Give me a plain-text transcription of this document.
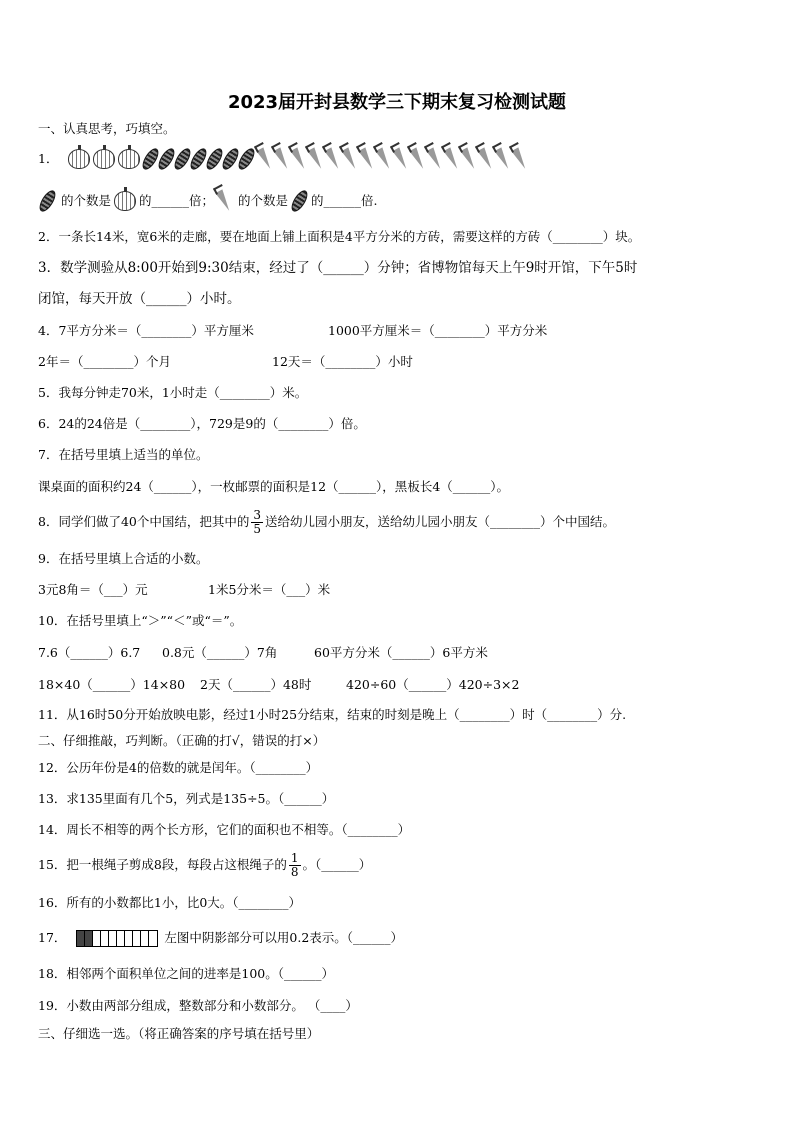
2023届开封县数学三下期末复习检测试题
一、认真思考，巧填空。
1．
的个数是 的______倍； 的个数是 的______倍.
2．一条长14米，宽6米的走廊，要在地面上铺上面积是4平方分米的方砖，需要这样的方砖（________）块。
3．数学测验从8:00开始到9:30结束，经过了（______）分钟；省博物馆每天上午9时开馆，下午5时
闭馆，每天开放（______）小时。
4．7平方分米＝（________）平方厘米	1000平方厘米＝（________）平方分米
2年＝（________）个月	12天＝（________）小时
5．我每分钟走70米，1小时走（________）米。
6．24的24倍是（________），729是9的（________）倍。
7．在括号里填上适当的单位。
课桌面的面积约24（______），一枚邮票的面积是12（______），黑板长4（______）。
8．同学们做了40个中国结，把其中的 $\frac{3}{5}$ 送给幼儿园小朋友，送给幼儿园小朋友（________）个中国结。
9．在括号里填上合适的小数。
3元8角＝（___）元	1米5分米＝（___）米
10．在括号里填上“＞”“＜”或“＝”。
7.6（______）6.7 0.8元（______）7角	60平方分米（______）6平方米
18×40（______）14×80 2天（______）48时	420÷60（______）420÷3×2
11．从16时50分开始放映电影，经过1小时25分结束，结束的时刻是晚上（________）时（________）分.
二、仔细推敲，巧判断。（正确的打√，错误的打×）
12．公历年份是4的倍数的就是闰年。（________）
13．求135里面有几个5，列式是135÷5。（______）
14．周长不相等的两个长方形，它们的面积也不相等。（________）
15．把一根绳子剪成8段，每段占这根绳子的 $\frac{1}{8}$ 。（______）
16．所有的小数都比1小，比0大。（________）
17．	左图中阴影部分可以用0.2表示。（______）
18．相邻两个面积单位之间的进率是100。（______）
19．小数由两部分组成，整数部分和小数部分。 （____）
三、仔细选一选。（将正确答案的序号填在括号里）
